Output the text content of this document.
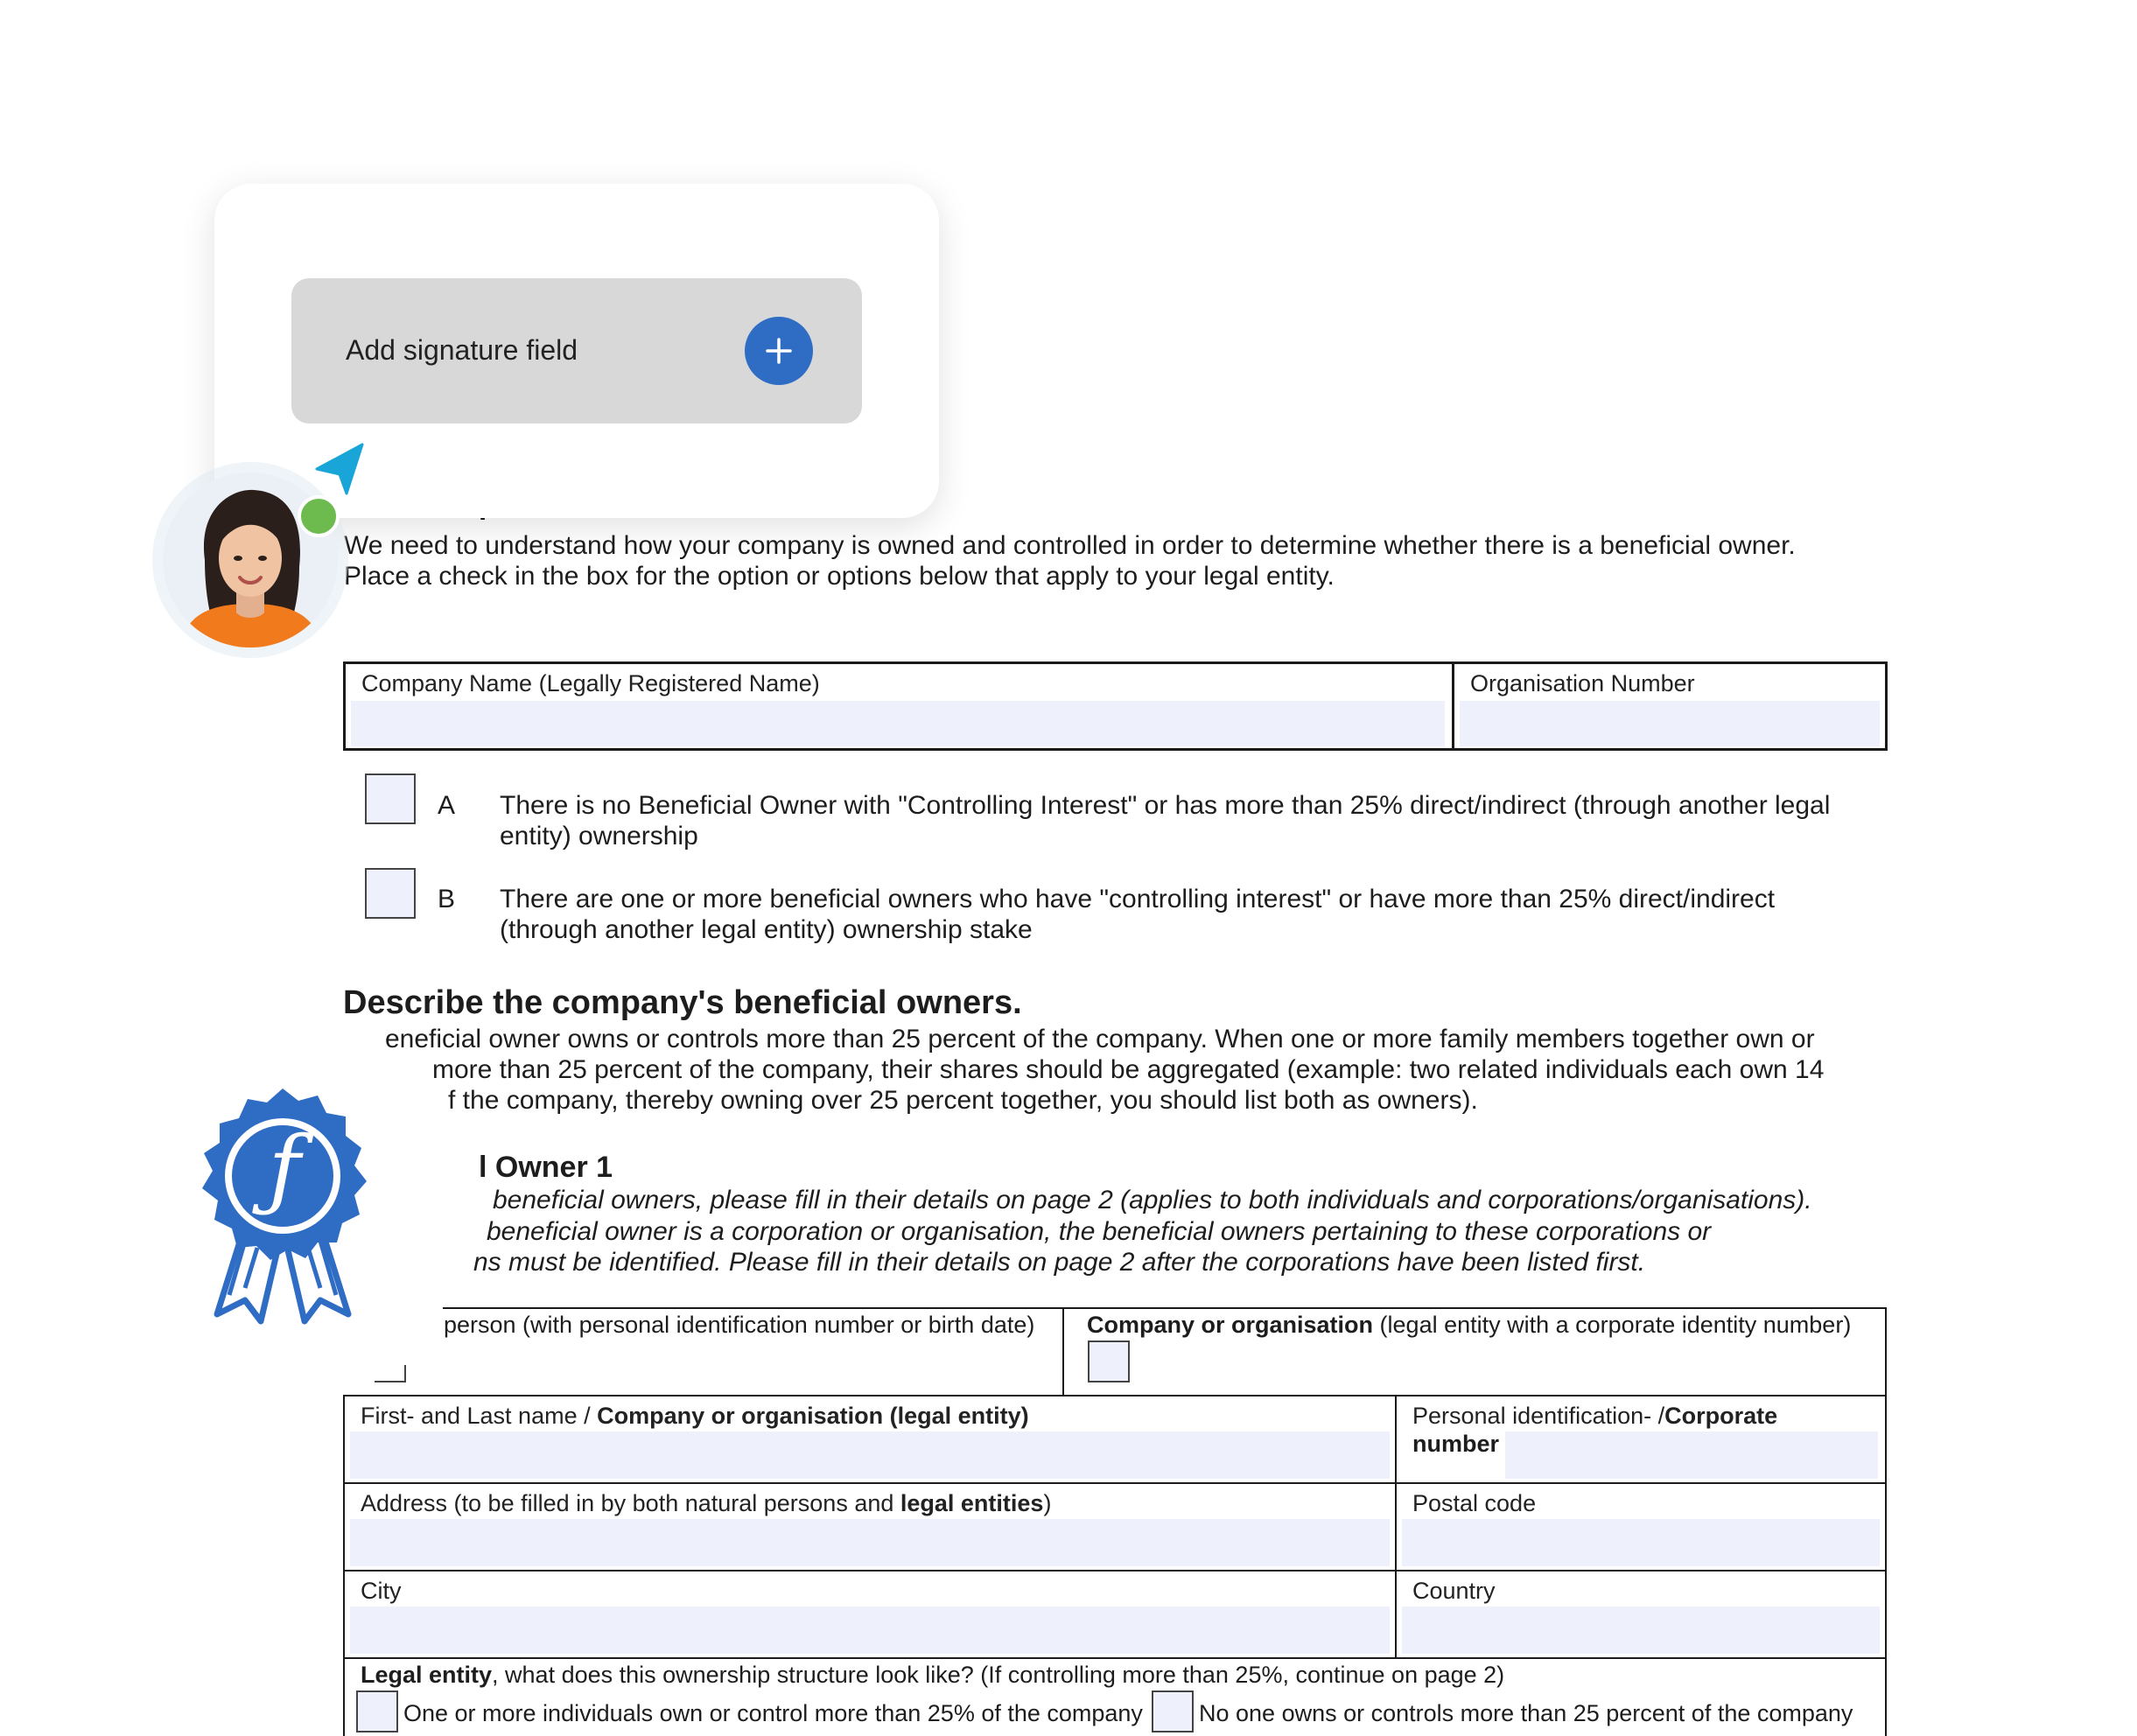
We need to understand how your company is owned and controlled in order to determine whether there is a beneficial owner.
Place a check in the box for the option or options below that apply to your legal entity.
Company Name (Legally Registered Name)	Organisation Number
A There is no Beneficial Owner with "Controlling Interest" or has more than 25% direct/indirect (through another legal
entity) ownership
B There are one or more beneficial owners who have "controlling interest" or have more than 25% direct/indirect
(through another legal entity) ownership stake
Describe the company's beneficial owners.
eneficial owner owns or controls more than 25 percent of the company. When one or more family members together own or
more than 25 percent of the company, their shares should be aggregated (example: two related individuals each own 14
f the company, thereby owning over 25 percent together, you should list both as owners).
l Owner 1
beneficial owners, please fill in their details on page 2 (applies to both individuals and corporations/organisations).
beneficial owner is a corporation or organisation, the beneficial owners pertaining to these corporations or
ns must be identified. Please fill in their details on page 2 after the corporations have been listed first.
person (with personal identification number or birth date) Company or organisation (legal entity with a corporate identity number)
First- and Last name / Company or organisation (legal entity)	Personal identification- /Corporate
number
Address (to be filled in by both natural persons and legal entities)	Postal code
City	Country
Legal entity, what does this ownership structure look like? (If controlling more than 25%, continue on page 2)
One or more individuals own or control more than 25% of the company No one owns or controls more than 25 percent of the company
ƒ
Add signature field
